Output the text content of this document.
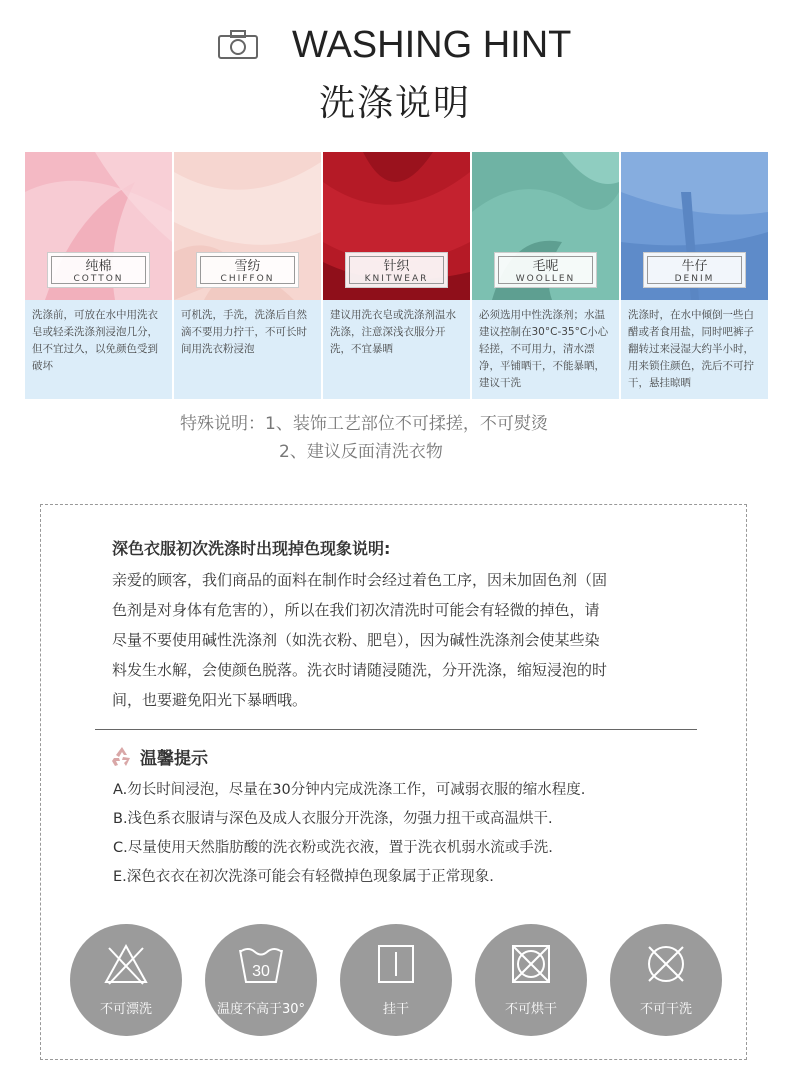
WASHING HINT
洗涤说明
纯棉
COTTON
洗涤前，可放在水中用洗衣皂或轻柔洗涤剂浸泡几分，但不宜过久，以免颜色受到破坏
雪纺
CHIFFON
可机洗，手洗，洗涤后自然滴不要用力拧干，不可长时间用洗衣粉浸泡
针织
KNITWEAR
建议用洗衣皂或洗涤剂温水洗涤，注意深浅衣服分开洗，不宜暴晒
毛呢
WOOLLEN
必须选用中性洗涤剂；水温建议控制在30°C-35°C小心轻搓，不可用力，清水漂净，平铺晒干，不能暴晒，建议干洗
牛仔
DENIM
洗涤时，在水中倾倒一些白醋或者食用盐，同时吧裤子翻转过来浸湿大约半小时，用来锁住颜色，洗后不可拧干，悬挂晾晒
特殊说明：1、装饰工艺部位不可揉搓，不可熨烫
2、建议反面清洗衣物
深色衣服初次洗涤时出现掉色现象说明:
亲爱的顾客，我们商品的面料在制作时会经过着色工序，因未加固色剂（固
色剂是对身体有危害的），所以在我们初次清洗时可能会有轻微的掉色，请
尽量不要使用碱性洗涤剂（如洗衣粉、肥皂），因为碱性洗涤剂会使某些染
料发生水解，会使颜色脱落。洗衣时请随浸随洗，分开洗涤，缩短浸泡的时
间，也要避免阳光下暴晒哦。
温馨提示
A.勿长时间浸泡，尽量在30分钟内完成洗涤工作，可减弱衣服的缩水程度.
B.浅色系衣服请与深色及成人衣服分开洗涤，勿强力扭干或高温烘干.
C.尽量使用天然脂肪酸的洗衣粉或洗衣液，置于洗衣机弱水流或手洗.
E.深色衣衣在初次洗涤可能会有轻微掉色现象属于正常现象.
不可漂洗
30
温度不高于30°	挂干	不可烘干	不可干洗
